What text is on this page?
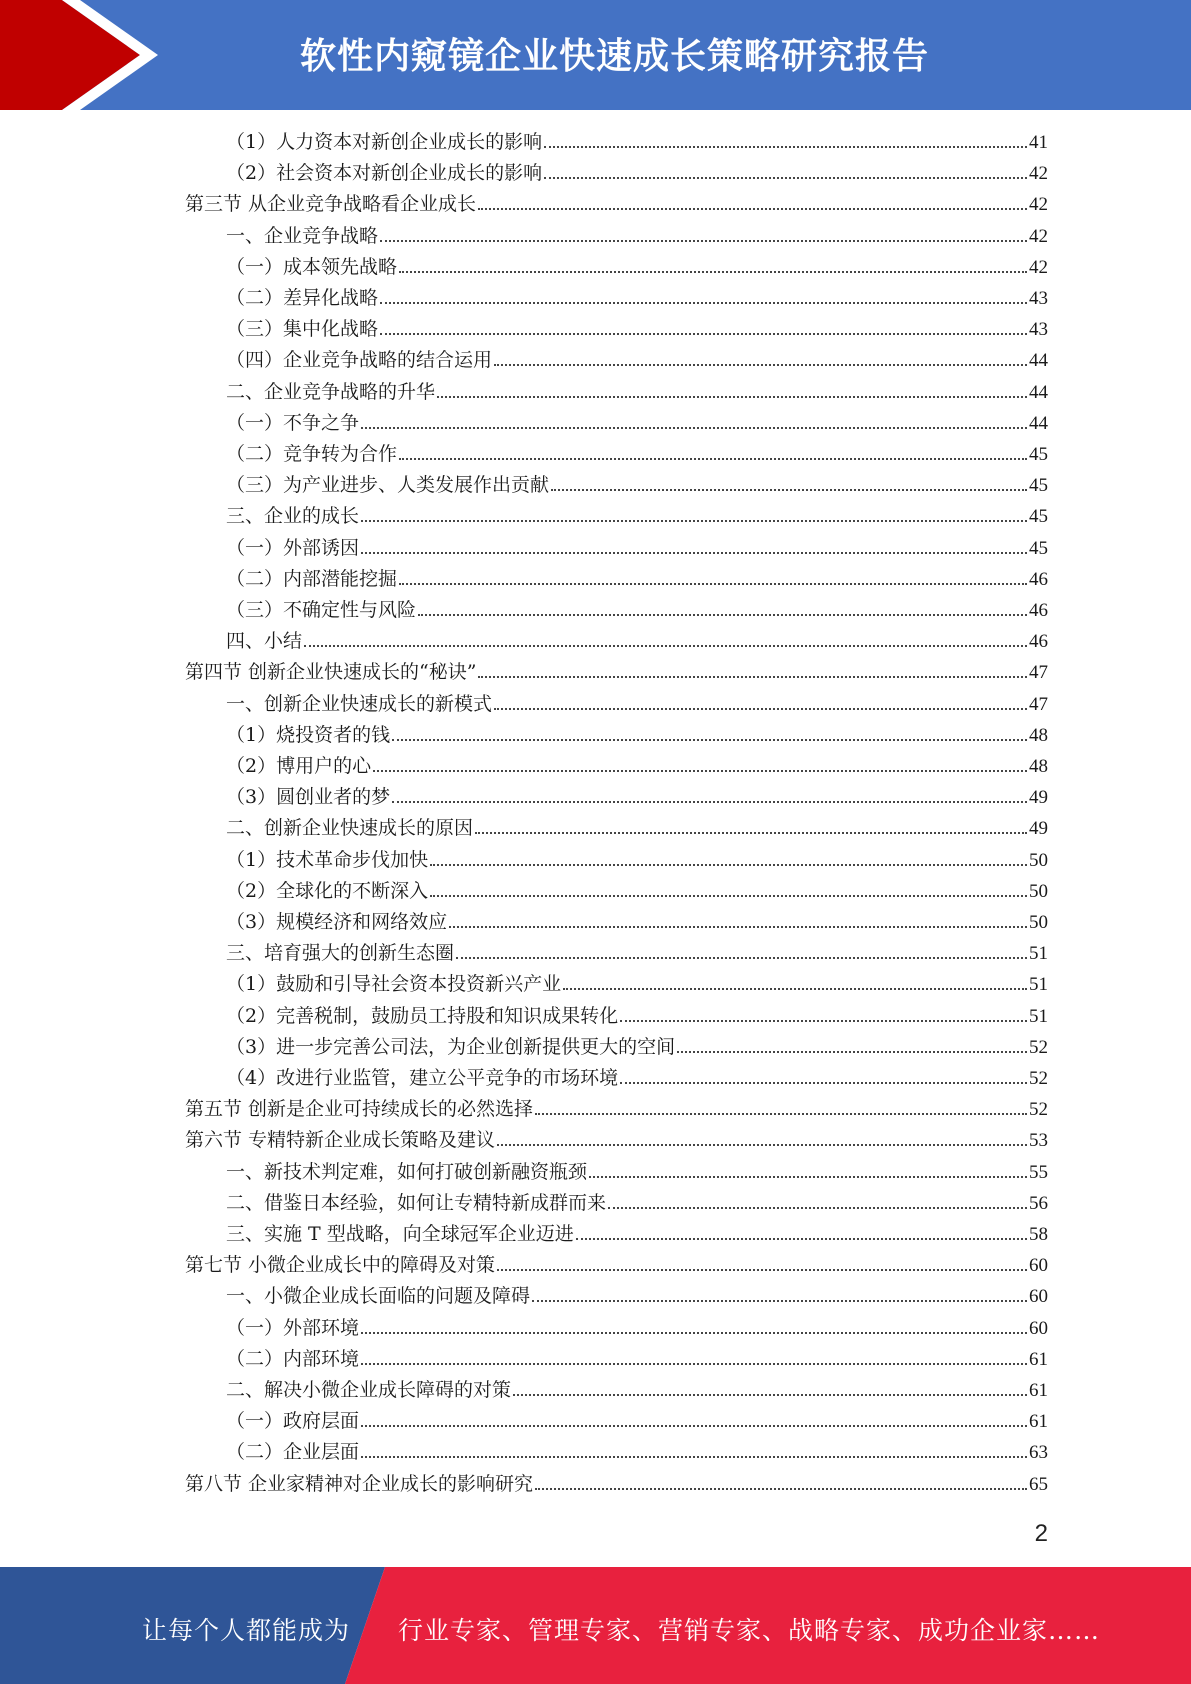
软性内窥镜企业快速成长策略研究报告
（1）人力资本对新创企业成长的影响	41
（2）社会资本对新创企业成长的影响	42
第三节 从企业竞争战略看企业成长	42
一、企业竞争战略	42
（一）成本领先战略	42
（二）差异化战略	43
（三）集中化战略	43
（四）企业竞争战略的结合运用	44
二、企业竞争战略的升华	44
（一）不争之争	44
（二）竞争转为合作	45
（三）为产业进步、人类发展作出贡献	45
三、企业的成长	45
（一）外部诱因	45
（二）内部潜能挖掘	46
（三）不确定性与风险	46
四、小结	46
第四节 创新企业快速成长的“秘诀”	47
一、创新企业快速成长的新模式	47
（1）烧投资者的钱	48
（2）博用户的心	48
（3）圆创业者的梦	49
二、创新企业快速成长的原因	49
（1）技术革命步伐加快	50
（2）全球化的不断深入	50
（3）规模经济和网络效应	50
三、培育强大的创新生态圈	51
（1）鼓励和引导社会资本投资新兴产业	51
（2）完善税制，鼓励员工持股和知识成果转化	51
（3）进一步完善公司法，为企业创新提供更大的空间	52
（4）改进行业监管，建立公平竞争的市场环境	52
第五节 创新是企业可持续成长的必然选择	52
第六节 专精特新企业成长策略及建议	53
一、新技术判定难，如何打破创新融资瓶颈	55
二、借鉴日本经验，如何让专精特新成群而来	56
三、实施 T 型战略，向全球冠军企业迈进	58
第七节 小微企业成长中的障碍及对策	60
一、小微企业成长面临的问题及障碍	60
（一）外部环境	60
（二）内部环境	61
二、解决小微企业成长障碍的对策	61
（一）政府层面	61
（二）企业层面	63
第八节 企业家精神对企业成长的影响研究	65
2
让每个人都能成为 行业专家、管理专家、营销专家、战略专家、成功企业家……
